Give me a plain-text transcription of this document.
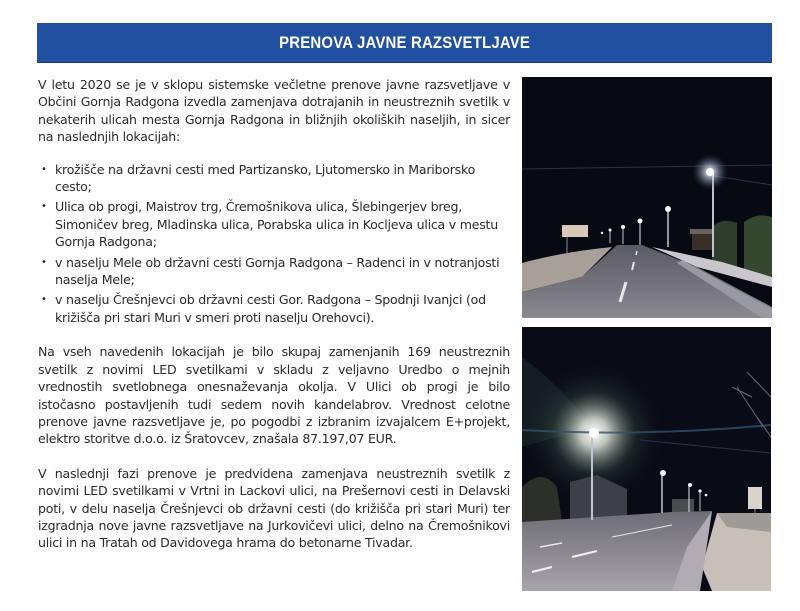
PRENOVA JAVNE RAZSVETLJAVE

V letu 2020 se je v sklopu sistemske večletne prenove javne razsvetljave v Občini Gornja Radgona izvedla zamenjava dotrajanih in neustreznih svetilk v nekaterih ulicah mesta Gornja Radgona in bližnjih okoliških naseljih, in sicer na naslednjih lokacijah:

• krožišče na državni cesti med Partizansko, Ljutomersko in Mariborsko cesto;
• Ulica ob progi, Maistrov trg, Čremošnikova ulica, Šlebingerjev breg, Simoničev breg, Mladinska ulica, Porabska ulica in Kocljeva ulica v mestu Gornja Radgona;
• v naselju Mele ob državni cesti Gornja Radgona – Radenci in v notranjosti naselja Mele;
• v naselju Črešnjevci ob državni cesti Gor. Radgona – Spodnji Ivanjci (od križišča pri stari Muri v smeri proti naselju Orehovci).

Na vseh navedenih lokacijah je bilo skupaj zamenjanih 169 neustreznih svetilk z novimi LED svetilkami v skladu z veljavno Uredbo o mejnih vrednostih svetlobnega onesnaževanja okolja. V Ulici ob progi je bilo istočasno postavljenih tudi sedem novih kandelabrov. Vrednost celotne prenove javne razsvetljave je, po pogodbi z izbranim izvajalcem E+projekt, elektro storitve d.o.o. iz Šratovcev, znašala 87.197,07 EUR.

V naslednji fazi prenove je predvidena zamenjava neustreznih svetilk z novimi LED svetilkami v Vrtni in Lackovi ulici, na Prešernovi cesti in Delavski poti, v delu naselja Črešnjevci ob državni cesti (do križišča pri stari Muri) ter izgradnja nove javne razsvetljave na Jurkovičevi ulici, delno na Čremošnikovi ulici in na Tratah od Davidovega hrama do betonarne Tivadar.
